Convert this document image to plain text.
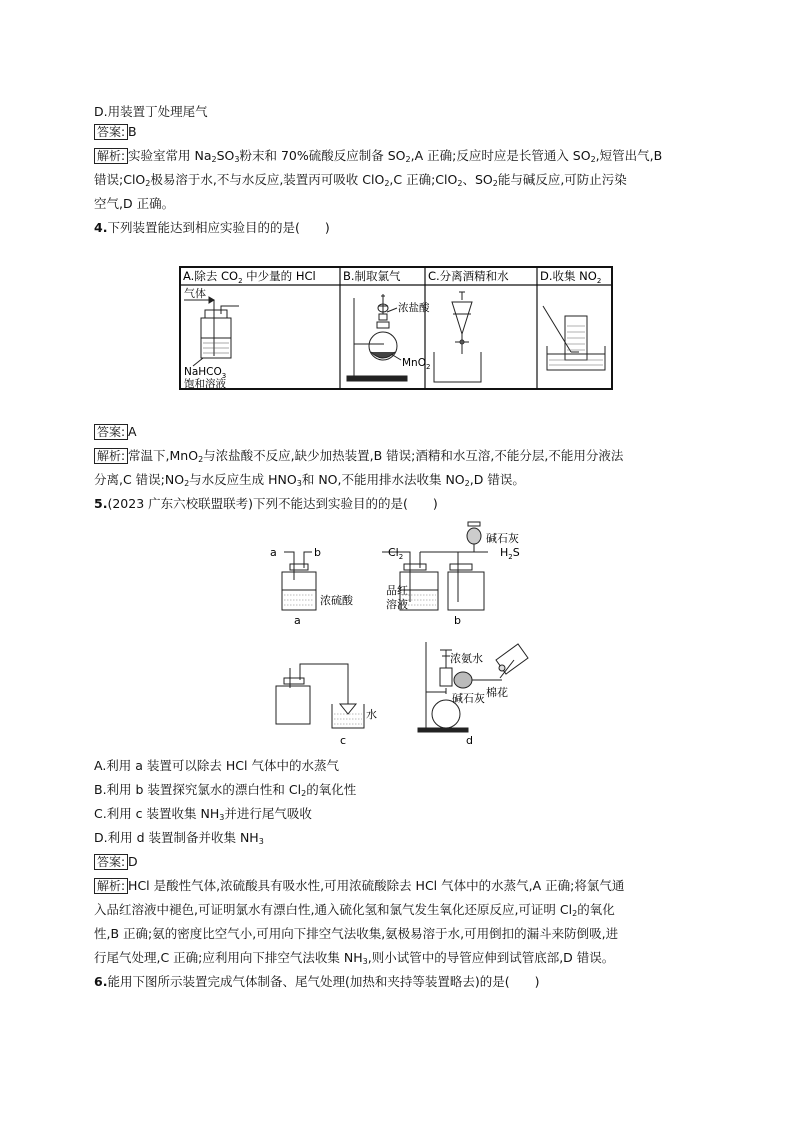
D.用装置丁处理尾气
答案: B
解析: 实验室常用 $Na_2SO_3$粉末和 70%硫酸反应制备 $SO_2,A$ 正确;反应时应是长管通入 $SO_2$,短管出气,B
错误;ClO$_2$极易溶于水,不与水反应,装置丙可吸收 ClO$_2$,C 正确;ClO$_2$、$SO_2$能与碱反应,可防止污染
空气,D 正确。
4.下列装置能达到相应实验目的的是(　　)
A.除去 $CO_2$ 中少量的 HCl B.制取氯气 C.分离酒精和水	D.收集 $NO_2$
气体
NaHCO$_3$
饱和溶液
浓盐酸
MnO$_2$
答案: A
解析: 常温下,MnO$_2$与浓盐酸不反应,缺少加热装置,B 错误;酒精和水互溶,不能分层,不能用分液法
分离,C 错误$;NO_2$与水反应生成 $HNO_3$和 NO,不能用排水法收集 $NO_2,D$ 错误。
5.(2023 广东六校联盟联考)下列不能达到实验目的的是(　　)
a	b
浓硫酸
a
$Cl_2$
碱石灰
$H_2S$
品红
溶液
b
水
c
浓氨水
棉花
碱石灰
d
A.利用 a 装置可以除去 HCl 气体中的水蒸气
B.利用 b 装置探究氯水的漂白性和 $Cl_2$的氧化性
C.利用 c 装置收集 $NH_3$并进行尾气吸收
D.利用 d 装置制备并收集 $NH_3$
答案: D
解析: HCl 是酸性气体,浓硫酸具有吸水性,可用浓硫酸除去 HCl 气体中的水蒸气,A 正确;将氯气通
入品红溶液中褪色,可证明氯水有漂白性,通入硫化氢和氯气发生氧化还原反应,可证明 $Cl_2$的氧化
性,B 正确;氨的密度比空气小,可用向下排空气法收集,氨极易溶于水,可用倒扣的漏斗来防倒吸,进
行尾气处理,C 正确;应利用向下排空气法收集 $NH_3$,则小试管中的导管应伸到试管底部,D 错误。
6.能用下图所示装置完成气体制备、尾气处理(加热和夹持等装置略去)的是(　　)
